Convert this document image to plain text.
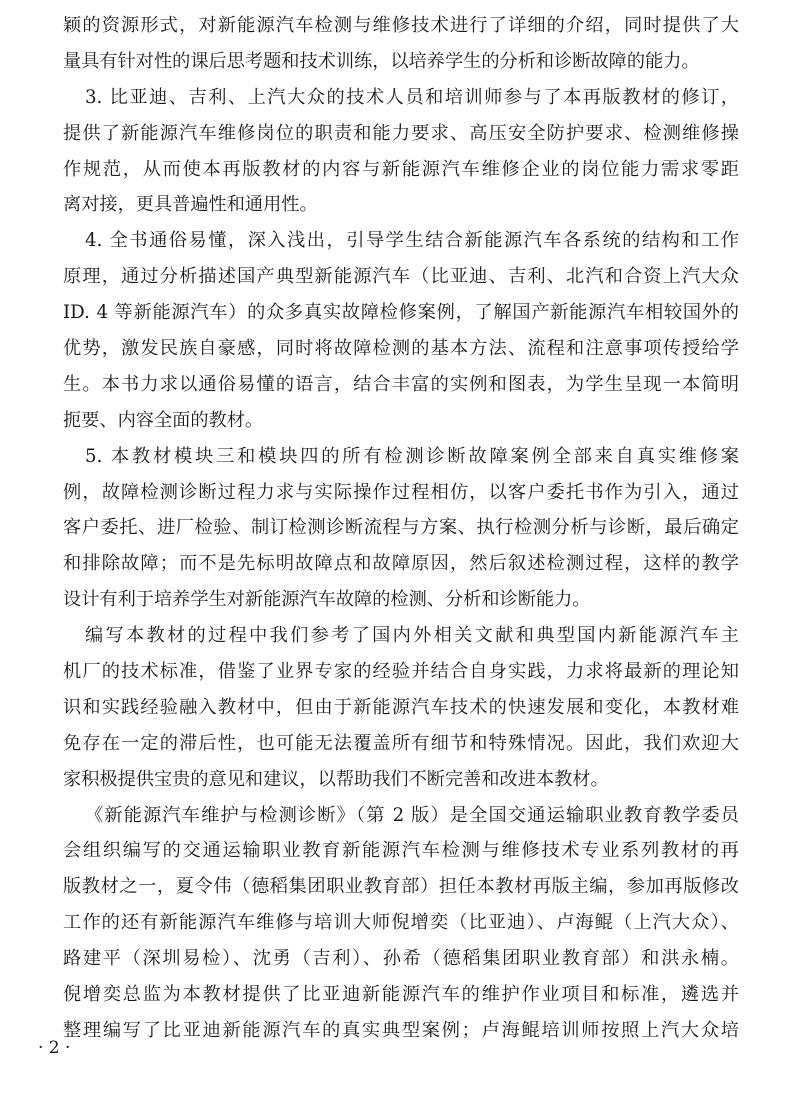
颖的资源形式，对新能源汽车检测与维修技术进行了详细的介绍，同时提供了大
量具有针对性的课后思考题和技术训练，以培养学生的分析和诊断故障的能力。
3. 比亚迪、吉利、上汽大众的技术人员和培训师参与了本再版教材的修订，
提供了新能源汽车维修岗位的职责和能力要求、高压安全防护要求、检测维修操
作规范，从而使本再版教材的内容与新能源汽车维修企业的岗位能力需求零距
离对接，更具普遍性和通用性。
4. 全书通俗易懂，深入浅出，引导学生结合新能源汽车各系统的结构和工作
原理，通过分析描述国产典型新能源汽车（比亚迪、吉利、北汽和合资上汽大众
ID. 4 等新能源汽车）的众多真实故障检修案例，了解国产新能源汽车相较国外的
优势，激发民族自豪感，同时将故障检测的基本方法、流程和注意事项传授给学
生。本书力求以通俗易懂的语言，结合丰富的实例和图表，为学生呈现一本简明
扼要、内容全面的教材。
5. 本教材模块三和模块四的所有检测诊断故障案例全部来自真实维修案
例，故障检测诊断过程力求与实际操作过程相仿，以客户委托书作为引入，通过
客户委托、进厂检验、制订检测诊断流程与方案、执行检测分析与诊断，最后确定
和排除故障；而不是先标明故障点和故障原因，然后叙述检测过程，这样的教学
设计有利于培养学生对新能源汽车故障的检测、分析和诊断能力。
编写本教材的过程中我们参考了国内外相关文献和典型国内新能源汽车主
机厂的技术标准，借鉴了业界专家的经验并结合自身实践，力求将最新的理论知
识和实践经验融入教材中，但由于新能源汽车技术的快速发展和变化，本教材难
免存在一定的滞后性，也可能无法覆盖所有细节和特殊情况。因此，我们欢迎大
家积极提供宝贵的意见和建议，以帮助我们不断完善和改进本教材。
《新能源汽车维护与检测诊断》（第 2 版）是全国交通运输职业教育教学委员
会组织编写的交通运输职业教育新能源汽车检测与维修技术专业系列教材的再
版教材之一，夏令伟（德稻集团职业教育部）担任本教材再版主编，参加再版修改
工作的还有新能源汽车维修与培训大师倪增奕（比亚迪）、卢海鲲（上汽大众）、
路建平（深圳易检）、沈勇（吉利）、孙希（德稻集团职业教育部）和洪永楠。
倪增奕总监为本教材提供了比亚迪新能源汽车的维护作业项目和标准，遴选并
整理编写了比亚迪新能源汽车的真实典型案例；卢海鲲培训师按照上汽大众培
· 2 ·
